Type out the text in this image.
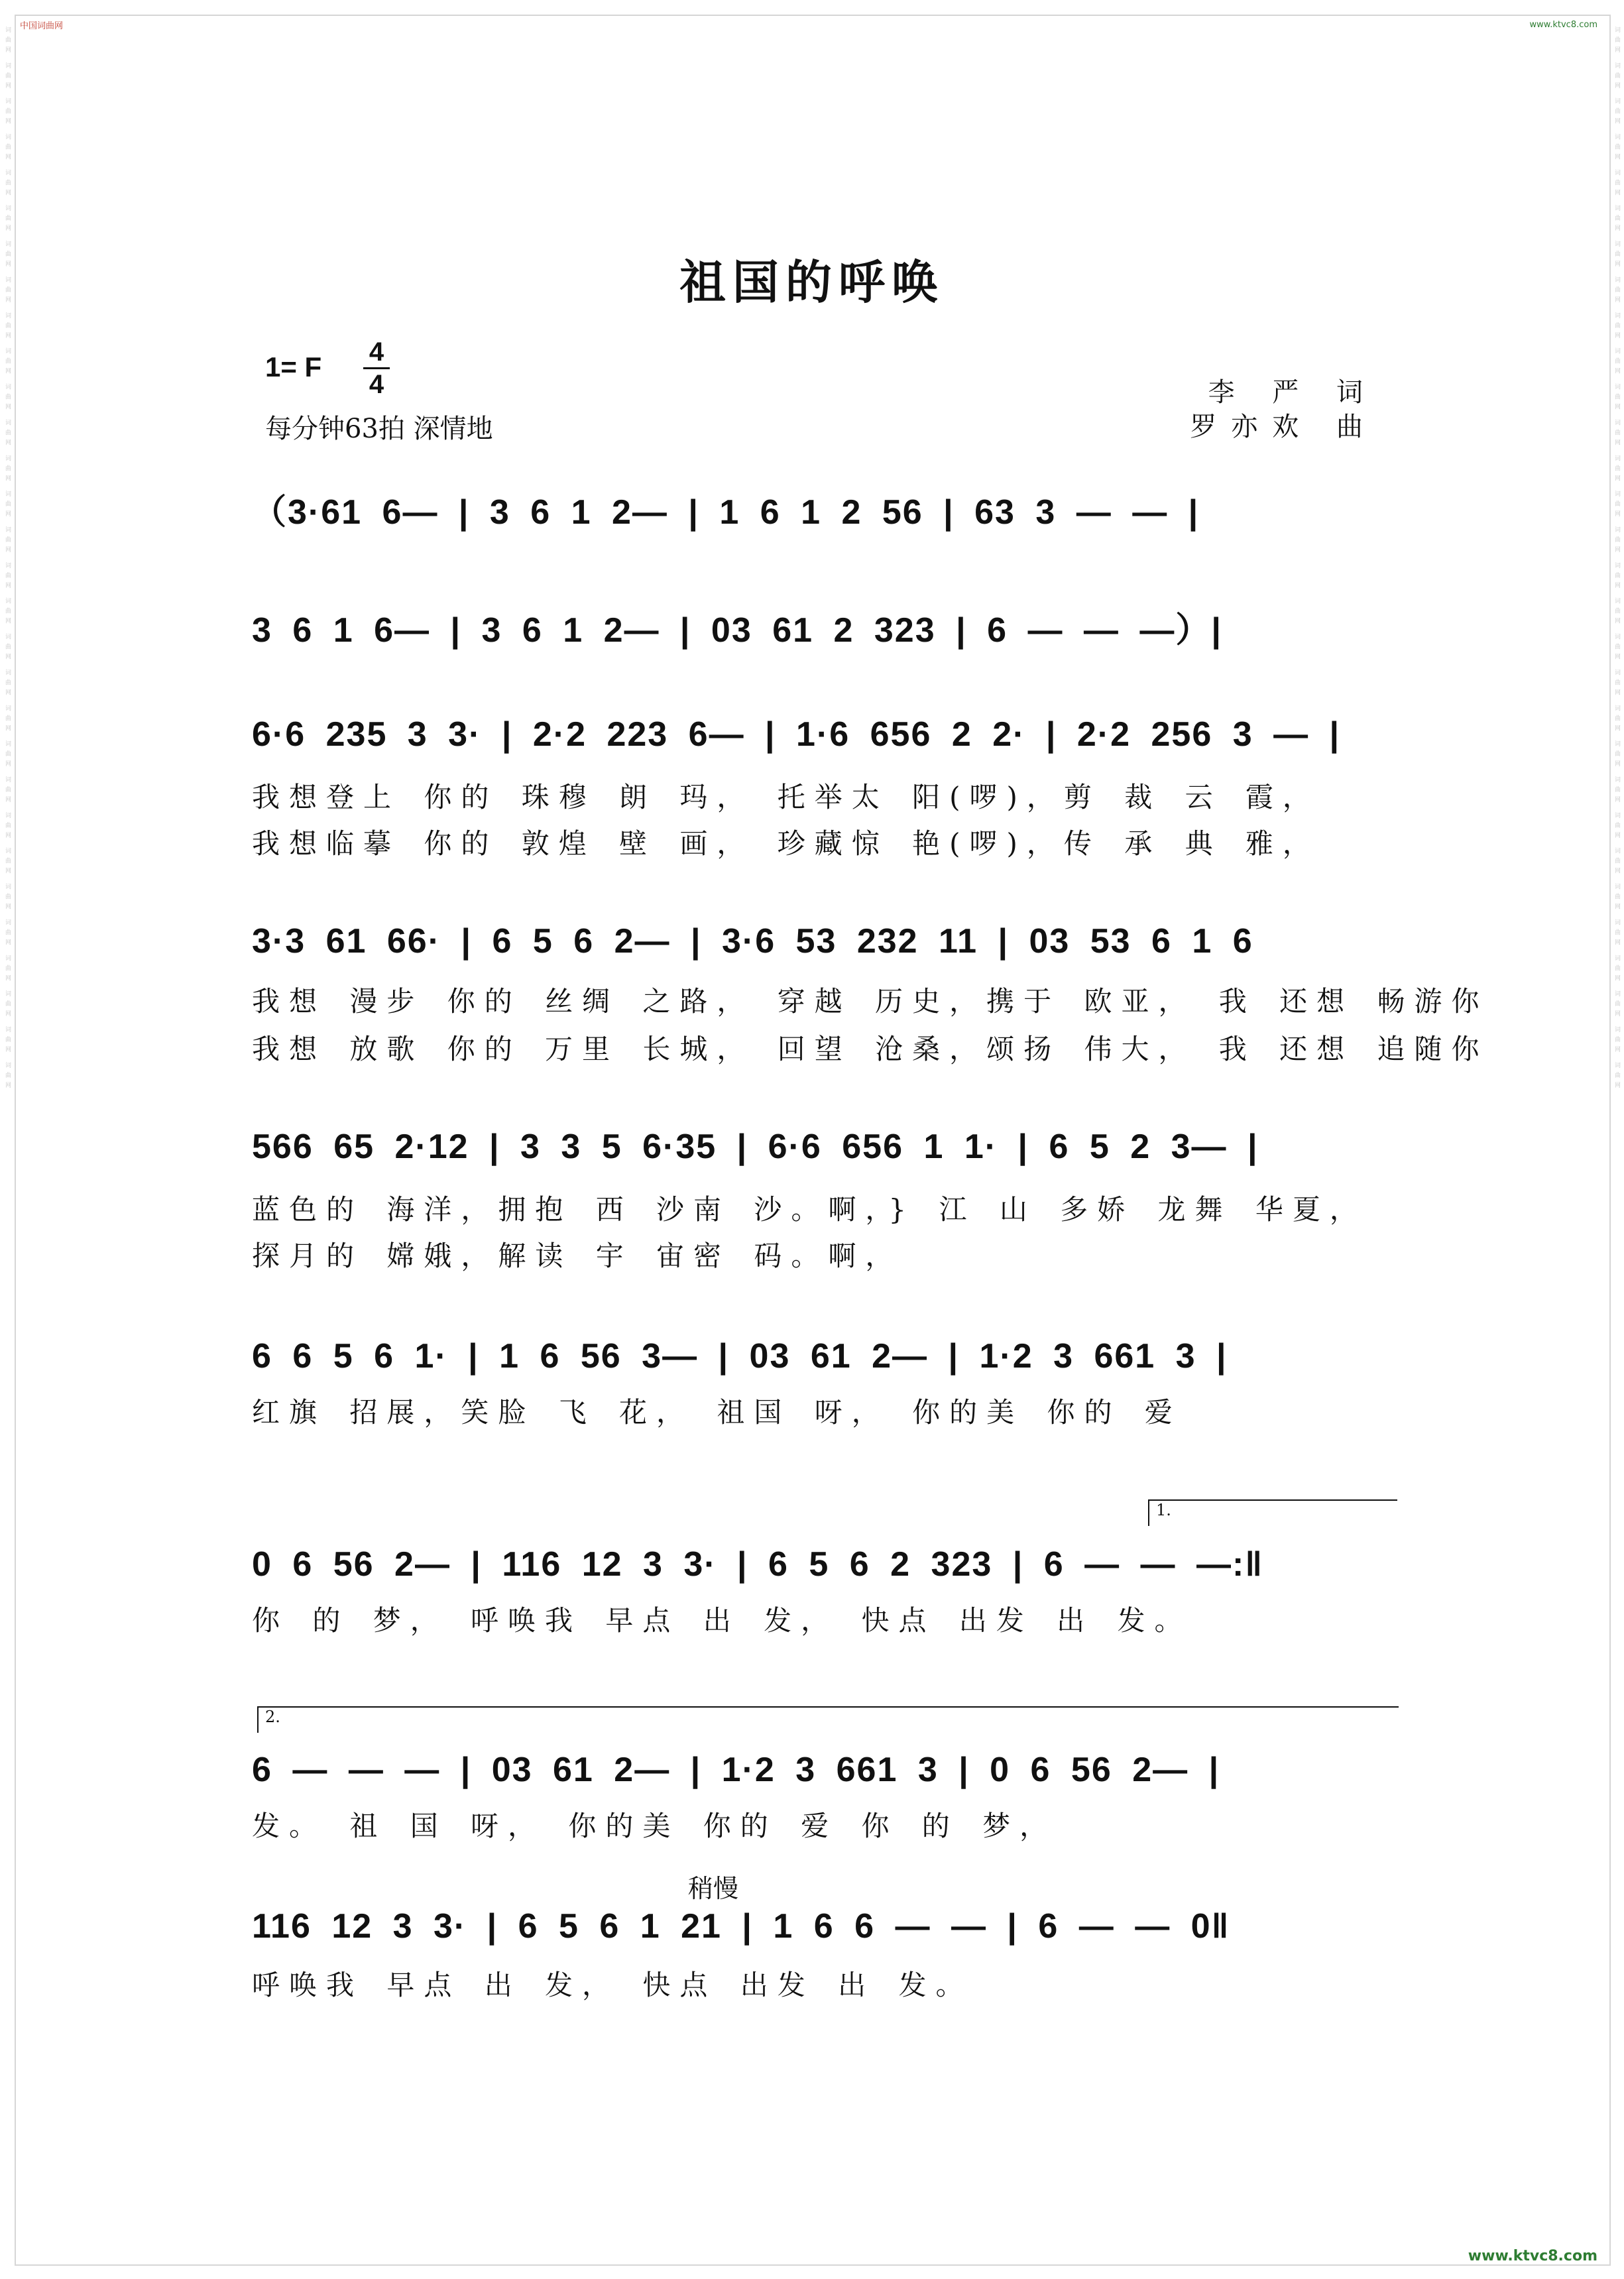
词曲网 词曲网 词曲网 词曲网 词曲网 词曲网 词曲网 词曲网 词曲网 词曲网 词曲网 词曲网 词曲网 词曲网 词曲网 词曲网 词曲网 词曲网 词曲网 词曲网 词曲网 词曲网 词曲网 词曲网 词曲网 词曲网 词曲网 词曲网 词曲网 词曲网	词曲网 词曲网 词曲网 词曲网 词曲网 词曲网 词曲网 词曲网 词曲网 词曲网 词曲网 词曲网 词曲网 词曲网 词曲网 词曲网 词曲网 词曲网 词曲网 词曲网 词曲网 词曲网 词曲网 词曲网 词曲网 词曲网 词曲网 词曲网 词曲网 词曲网
中国词曲网	www.ktvc8.com
祖国的呼唤
1= F 4
4
每分钟63拍 深情地
李 严 词
罗亦欢 曲
（3·61 6— | 3 6 1 2— | 1 6 1 2 56 | 63 3 — — |
3 6 1 6— | 3 6 1 2— | 03 61 2 323 | 6 — — —）|
6·6 235 3 3· | 2·2 223 6— | 1·6 656 2 2· | 2·2 256 3 — |
我想登上 你的 珠穆 朗 玛， 托举太 阳(啰)，剪 裁 云 霞，
我想临摹 你的 敦煌 壁 画， 珍藏惊 艳(啰)，传 承 典 雅，
3·3 61 66· | 6 5 6 2— | 3·6 53 232 11 | 03 53 6 1 6
我想 漫步 你的 丝绸 之路， 穿越 历史，携于 欧亚， 我 还想 畅游你
我想 放歌 你的 万里 长城， 回望 沧桑，颂扬 伟大， 我 还想 追随你
566 65 2·12 | 3 3 5 6·35 | 6·6 656 1 1· | 6 5 2 3— |
蓝色的 海洋，拥抱 西 沙南 沙。啊，} 江 山 多娇 龙舞 华夏，
探月的 嫦娥，解读 宇 宙密 码。啊，
6 6 5 6 1· | 1 6 56 3— | 03 61 2— | 1·2 3 661 3 |
红旗 招展，笑脸 飞 花， 祖国 呀， 你的美 你的 爱
1.
0 6 56 2— | 116 12 3 3· | 6 5 6 2 323 | 6 — — —:‖
你 的 梦， 呼唤我 早点 出 发， 快点 出发 出 发。
2.
6 — — — | 03 61 2— | 1·2 3 661 3 | 0 6 56 2— |
发。 祖 国 呀， 你的美 你的 爱 你 的 梦，
稍慢
116 12 3 3· | 6 5 6 1 21 | 1 6 6 — — | 6 — — 0‖
呼唤我 早点 出 发， 快点 出发 出 发。
www.ktvc8.com
